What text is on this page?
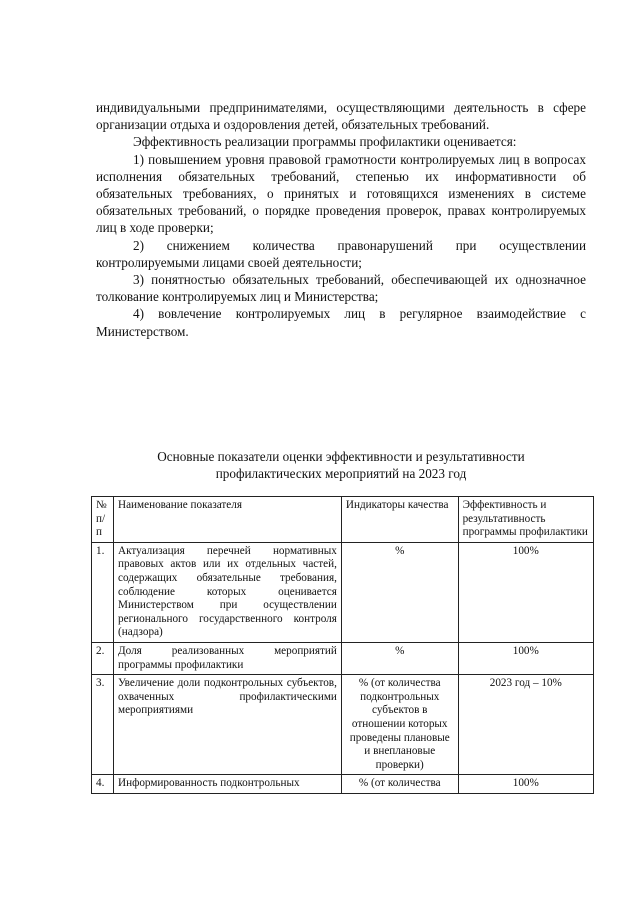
индивидуальными предпринимателями, осуществляющими деятельность в сфере организации отдыха и оздоровления детей, обязательных требований.

Эффективность реализации программы профилактики оценивается:

1) повышением уровня правовой грамотности контролируемых лиц в вопросах исполнения обязательных требований, степенью их информативности об обязательных требованиях, о принятых и готовящихся изменениях в системе обязательных требований, о порядке проведения проверок, правах контролируемых лиц в ходе проверки;

2) снижением количества правонарушений при осуществлении контролируемыми лицами своей деятельности;

3) понятностью обязательных требований, обеспечивающей их однозначное толкование контролируемых лиц и Министерства;

4) вовлечение контролируемых лиц в регулярное взаимодействие с Министерством.

Основные показатели оценки эффективности и результативности
профилактических мероприятий на 2023 год
№ п/п	Наименование показателя	Индикаторы качества	Эффективность и результативность программы профилактики
1.	Актуализация перечней нормативных правовых актов или их отдельных частей, содержащих обязательные требования, соблюдение которых оценивается Министерством при осуществлении регионального государственного контроля (надзора)	%	100%
2.	Доля реализованных мероприятий программы профилактики	%	100%
3.	Увеличение доли подконтрольных субъектов, охваченных профилактическими мероприятиями	% (от количества подконтрольных субъектов в отношении которых проведены плановые и внеплановые проверки)	2023 год – 10%
4.	Информированность подконтрольных	% (от количества	100%
